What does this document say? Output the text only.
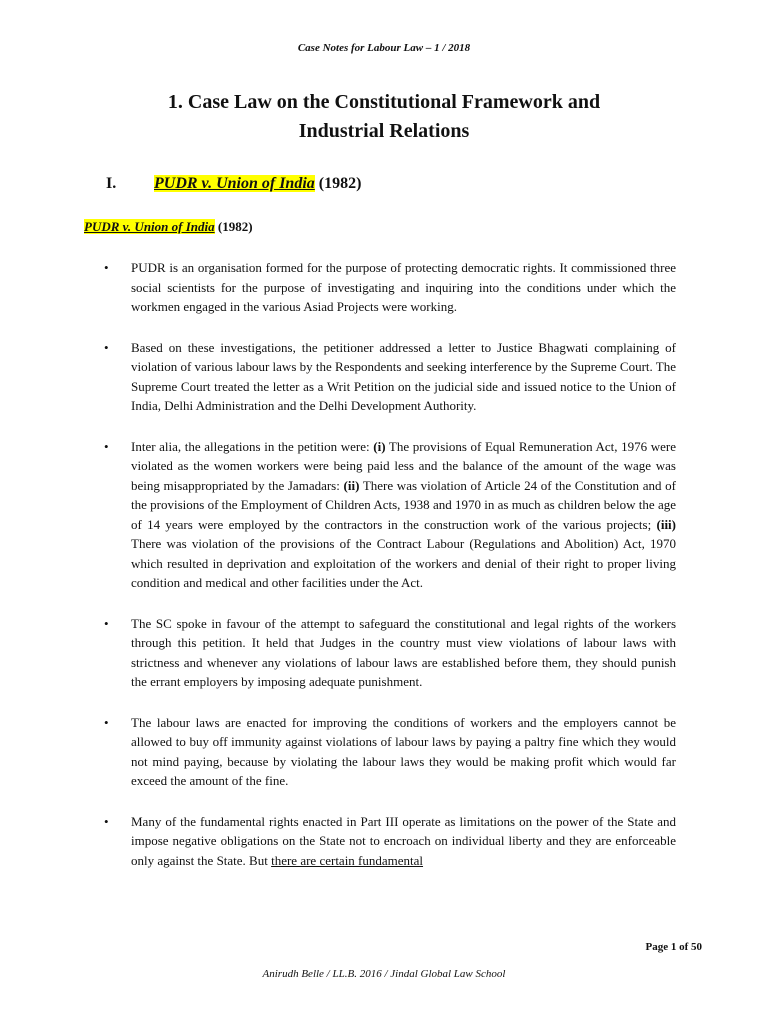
Case Notes for Labour Law – 1 / 2018
1. Case Law on the Constitutional Framework and
Industrial Relations
I. PUDR v. Union of India (1982)
PUDR v. Union of India (1982)
• PUDR is an organisation formed for the purpose of protecting democratic rights. It commissioned three social scientists for the purpose of investigating and inquiring into the conditions under which the workmen engaged in the various Asiad Projects were working.
• Based on these investigations, the petitioner addressed a letter to Justice Bhagwati complaining of violation of various labour laws by the Respondents and seeking interference by the Supreme Court. The Supreme Court treated the letter as a Writ Petition on the judicial side and issued notice to the Union of India, Delhi Administration and the Delhi Development Authority.
• Inter alia, the allegations in the petition were: (i) The provisions of Equal Remuneration Act, 1976 were violated as the women workers were being paid less and the balance of the amount of the wage was being misappropriated by the Jamadars: (ii) There was violation of Article 24 of the Constitution and of the provisions of the Employment of Children Acts, 1938 and 1970 in as much as children below the age of 14 years were employed by the contractors in the construction work of the various projects; (iii) There was violation of the provisions of the Contract Labour (Regulations and Abolition) Act, 1970 which resulted in deprivation and exploitation of the workers and denial of their right to proper living condition and medical and other facilities under the Act.
• The SC spoke in favour of the attempt to safeguard the constitutional and legal rights of the workers through this petition. It held that Judges in the country must view violations of labour laws with strictness and whenever any violations of labour laws are established before them, they should punish the errant employers by imposing adequate punishment.
• The labour laws are enacted for improving the conditions of workers and the employers cannot be allowed to buy off immunity against violations of labour laws by paying a paltry fine which they would not mind paying, because by violating the labour laws they would be making profit which would far exceed the amount of the fine.
• Many of the fundamental rights enacted in Part III operate as limitations on the power of the State and impose negative obligations on the State not to encroach on individual liberty and they are enforceable only against the State. But there are certain fundamental
Page 1 of 50
Anirudh Belle / LL.B. 2016 / Jindal Global Law School
